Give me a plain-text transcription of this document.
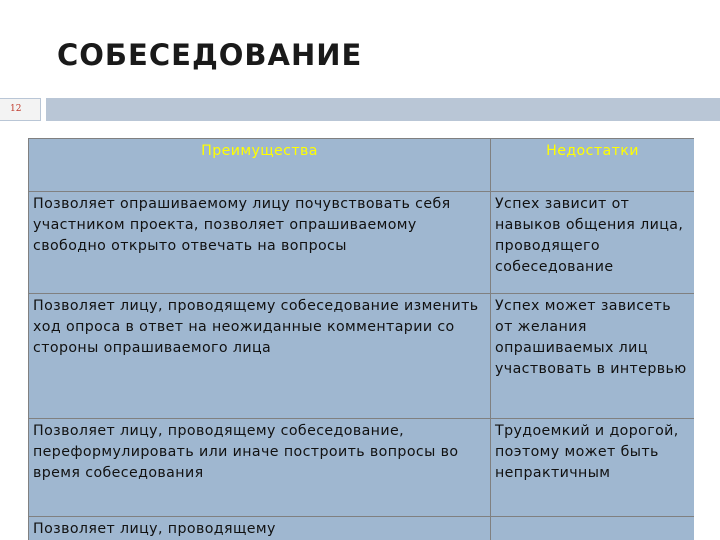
СОБЕСЕДОВАНИЕ
12
Преимущества	Недостатки
Позволяет опрашиваемому лицу почувствовать себя участником проекта, позволяет опрашиваемому свободно открыто отвечать на вопросы	Успех зависит от навыков общения лица, проводящего собеседование
Позволяет лицу, проводящему собеседование изменить ход опроса в ответ на неожиданные комментарии со стороны опрашиваемого лица	Успех может зависеть от желания опрашиваемых лиц участвовать в интервью
Позволяет лицу, проводящему собеседование, переформулировать или иначе построить вопросы во время собеседования	Трудоемкий и дорогой, поэтому может быть непрактичным
Позволяет лицу, проводящему	
